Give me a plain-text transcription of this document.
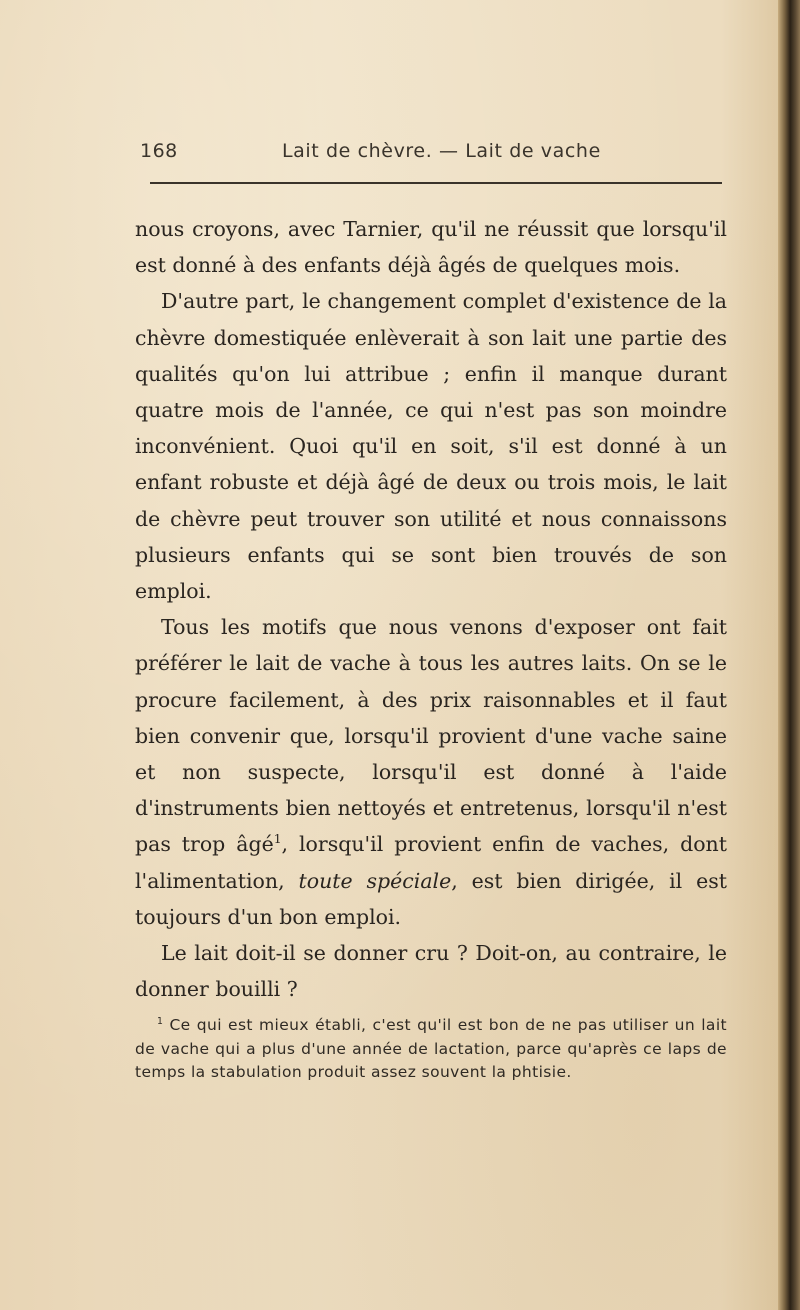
168	Lait de chèvre. — Lait de vache

nous croyons, avec Tarnier, qu'il ne réussit que lorsqu'il est donné à des enfants déjà âgés de quelques mois.

D'autre part, le changement complet d'existence de la chèvre domestiquée enlèverait à son lait une partie des qualités qu'on lui attribue ; enfin il manque durant quatre mois de l'année, ce qui n'est pas son moindre inconvénient. Quoi qu'il en soit, s'il est donné à un enfant robuste et déjà âgé de deux ou trois mois, le lait de chèvre peut trouver son utilité et nous connaissons plusieurs enfants qui se sont bien trouvés de son emploi.

Tous les motifs que nous venons d'exposer ont fait préférer le lait de vache à tous les autres laits. On se le procure facilement, à des prix raisonnables et il faut bien convenir que, lorsqu'il provient d'une vache saine et non suspecte, lorsqu'il est donné à l'aide d'instruments bien nettoyés et entretenus, lorsqu'il n'est pas trop âgé$^1$, lorsqu'il provient enfin de vaches, dont l'alimentation, toute spéciale, est bien dirigée, il est toujours d'un bon emploi.

Le lait doit-il se donner cru ? Doit-on, au contraire, le donner bouilli ?

$^1$ Ce qui est mieux établi, c'est qu'il est bon de ne pas utiliser un lait de vache qui a plus d'une année de lactation, parce qu'après ce laps de temps la stabulation produit assez souvent la phtisie.
